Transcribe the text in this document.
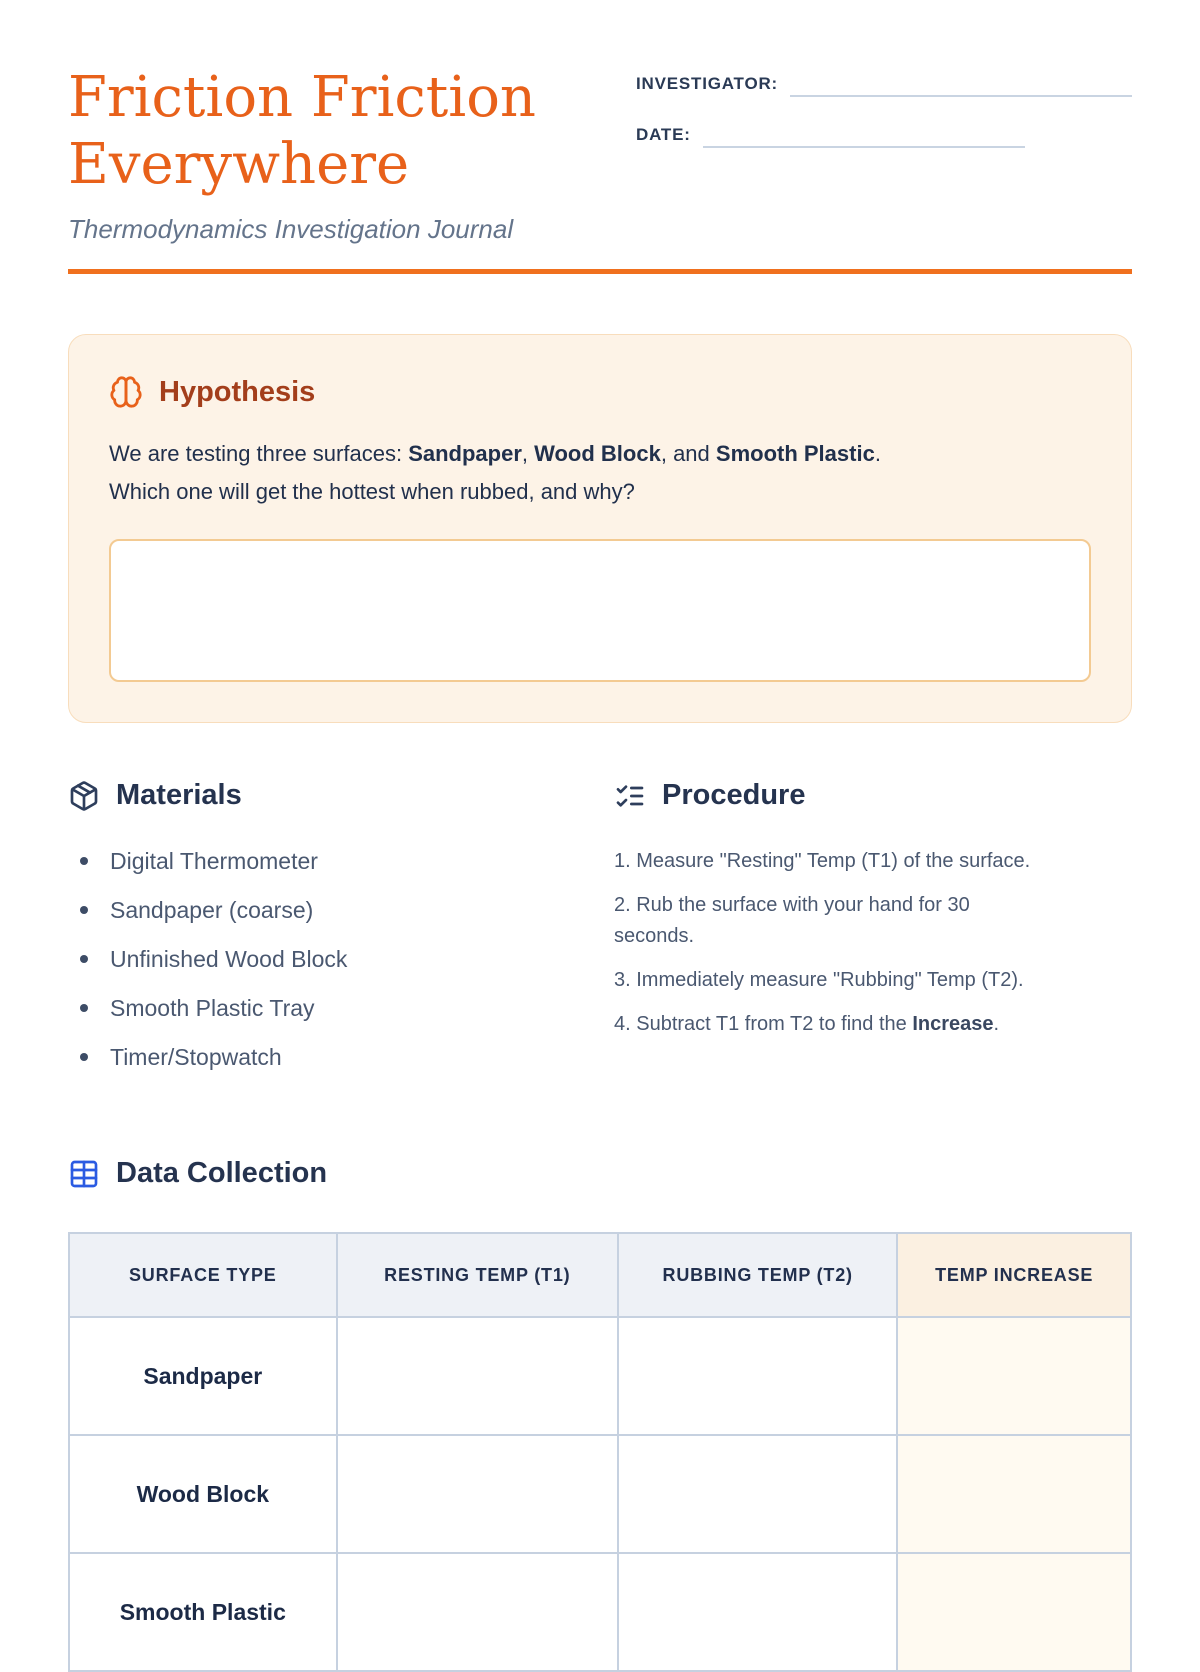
Friction Friction Everywhere
Thermodynamics Investigation Journal
INVESTIGATOR:
DATE:
Hypothesis
We are testing three surfaces: Sandpaper, Wood Block, and Smooth Plastic.
Which one will get the hottest when rubbed, and why?
Materials
Digital Thermometer
Sandpaper (coarse)
Unfinished Wood Block
Smooth Plastic Tray
Timer/Stopwatch
Procedure

1. Measure "Resting" Temp (T1) of the surface.

2. Rub the surface with your hand for 30
seconds.

3. Immediately measure "Rubbing" Temp (T2).

4. Subtract T1 from T2 to find the Increase.

Data Collection
SURFACE TYPE	RESTING TEMP (T1)	RUBBING TEMP (T2)	TEMP INCREASE
Sandpaper			
Wood Block			
Smooth Plastic			
